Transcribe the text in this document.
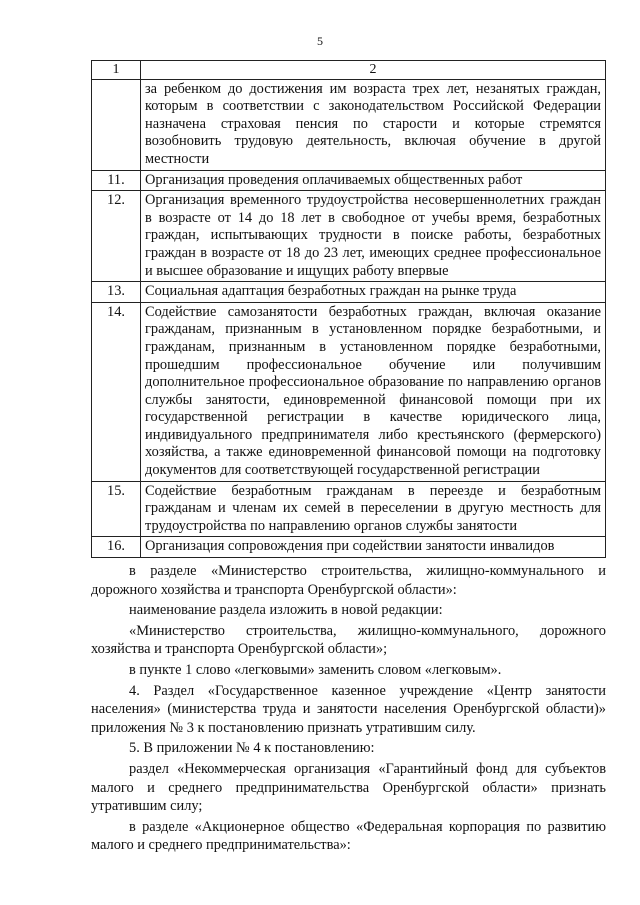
5
1	2
	за ребенком до достижения им возраста трех лет, незанятых граждан, которым в соответствии с законодательством Российской Федерации назначена страховая пенсия по старости и которые стремятся возобновить трудовую деятельность, включая обучение в другой местности
11.	Организация проведения оплачиваемых общественных работ
12.	Организация временного трудоустройства несовершеннолетних граждан в возрасте от 14 до 18 лет в свободное от учебы время, безработных граждан, испытывающих трудности в поиске работы, безработных граждан в возрасте от 18 до 23 лет, имеющих среднее профессиональное и высшее образование и ищущих работу впервые
13.	Социальная адаптация безработных граждан на рынке труда
14.	Содействие самозанятости безработных граждан, включая оказание гражданам, признанным в установленном порядке безработными, и гражданам, признанным в установленном порядке безработными, прошедшим профессиональное обучение или получившим дополнительное профессиональное образование по направлению органов службы занятости, единовременной финансовой помощи при их государственной регистрации в качестве юридического лица, индивидуального предпринимателя либо крестьянского (фермерского) хозяйства, а также единовременной финансовой помощи на подготовку документов для соответствующей государственной регистрации
15.	Содействие безработным гражданам в переезде и безработным гражданам и членам их семей в переселении в другую местность для трудоустройства по направлению органов службы занятости
16.	Организация сопровождения при содействии занятости инвалидов

в разделе «Министерство строительства, жилищно-коммунального и дорожного хозяйства и транспорта Оренбургской области»:

наименование раздела изложить в новой редакции:

«Министерство строительства, жилищно-коммунального, дорожного хозяйства и транспорта Оренбургской области»;

в пункте 1 слово «легковыми» заменить словом «легковым».

4. Раздел «Государственное казенное учреждение «Центр занятости населения» (министерства труда и занятости населения Оренбургской области)» приложения № 3 к постановлению признать утратившим силу.

5. В приложении № 4 к постановлению:

раздел «Некоммерческая организация «Гарантийный фонд для субъектов малого и среднего предпринимательства Оренбургской области» признать утратившим силу;

в разделе «Акционерное общество «Федеральная корпорация по развитию малого и среднего предпринимательства»:
